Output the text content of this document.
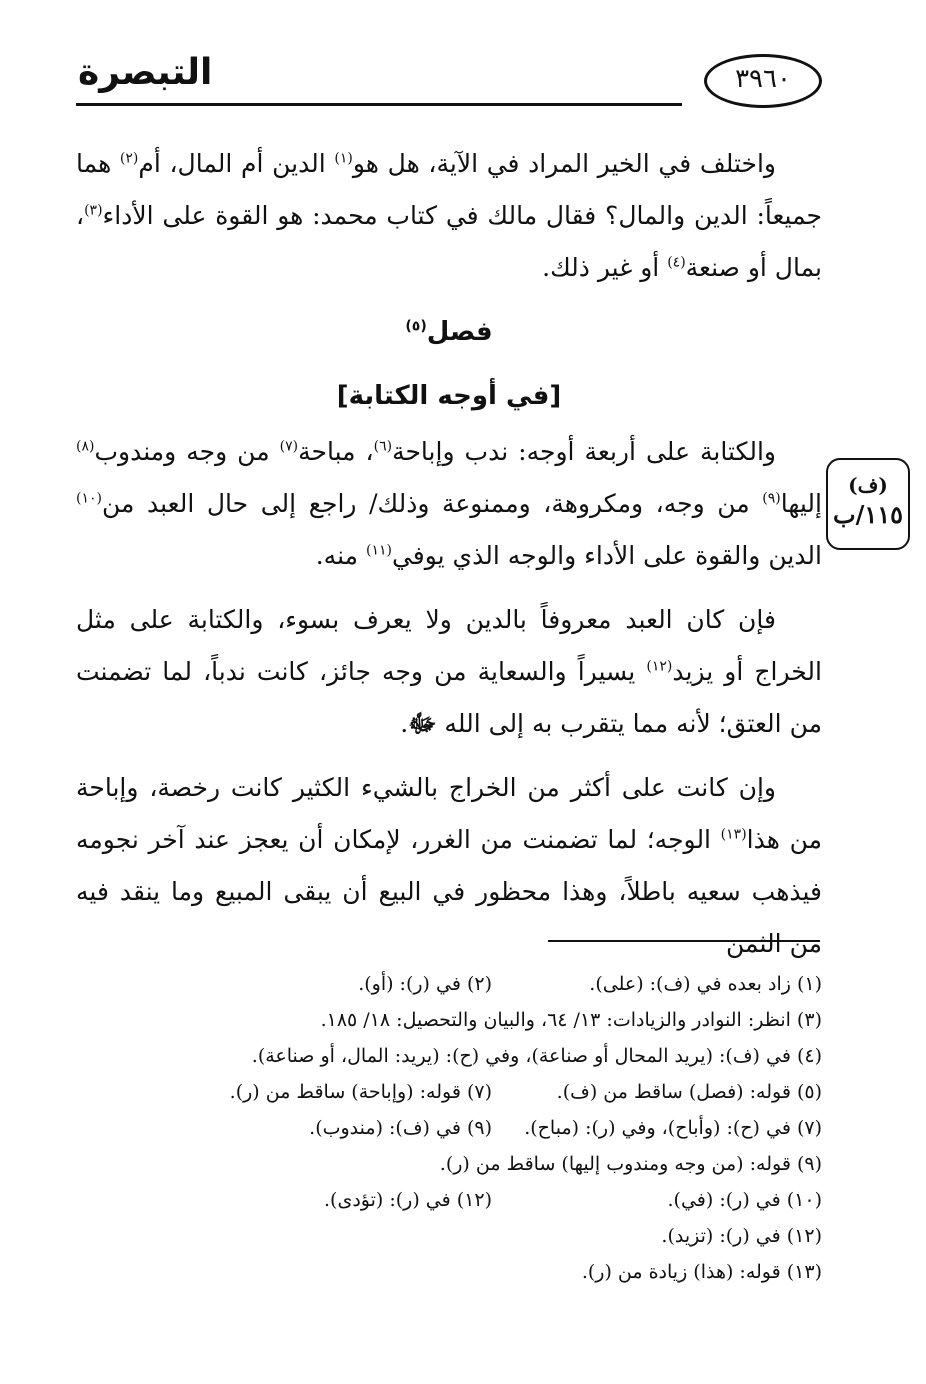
٣٩٦٠
التبصرة

واختلف في الخير المراد في الآية، هل هو$^{(١)}$ الدين أم المال، أم$^{(٢)}$ هما جميعاً: الدين والمال؟ فقال مالك في كتاب محمد: هو القوة على الأداء$^{(٣)}$، بمال أو صنعة$^{(٤)}$ أو غير ذلك.

فصل$^{(٥)}$

[في أوجه الكتابة]

والكتابة على أربعة أوجه: ندب وإباحة$^{(٦)}$، مباحة$^{(٧)}$ من وجه ومندوب$^{(٨)}$ إليها$^{(٩)}$ من وجه، ومكروهة، وممنوعة وذلك/ راجع إلى حال العبد من$^{(١٠)}$ الدين والقوة على الأداء والوجه الذي يوفي$^{(١١)}$ منه.

فإن كان العبد معروفاً بالدين ولا يعرف بسوء، والكتابة على مثل الخراج أو يزيد$^{(١٢)}$ يسيراً والسعاية من وجه جائز، كانت ندباً، لما تضمنت من العتق؛ لأنه مما يتقرب به إلى الله ﷻ.

وإن كانت على أكثر من الخراج بالشيء الكثير كانت رخصة، وإباحة من هذا$^{(١٣)}$ الوجه؛ لما تضمنت من الغرر، لإمكان أن يعجز عند آخر نجومه فيذهب سعيه باطلاً، وهذا محظور في البيع أن يبقى المبيع وما ينقد فيه من الثمن

(ف)
١١٥/ب
(١) زاد بعده في (ف): (على).
(٢) في (ر): (أو).
(٣) انظر: النوادر والزيادات: ١٣/ ٦٤، والبيان والتحصيل: ١٨/ ١٨٥.
(٤) في (ف): (يريد المحال أو صناعة)، وفي (ح): (يريد: المال، أو صناعة).
(٥) قوله: (فصل) ساقط من (ف).
(٧) قوله: (وإباحة) ساقط من (ر).
(٧) في (ح): (وأباح)، وفي (ر): (مباح).
(٩) في (ف): (مندوب).
(٩) قوله: (من وجه ومندوب إليها) ساقط من (ر).
(١٠) في (ر): (في).
(١٢) في (ر): (تؤدى).
(١٢) في (ر): (تزيد).
(١٣) قوله: (هذا) زيادة من (ر).
